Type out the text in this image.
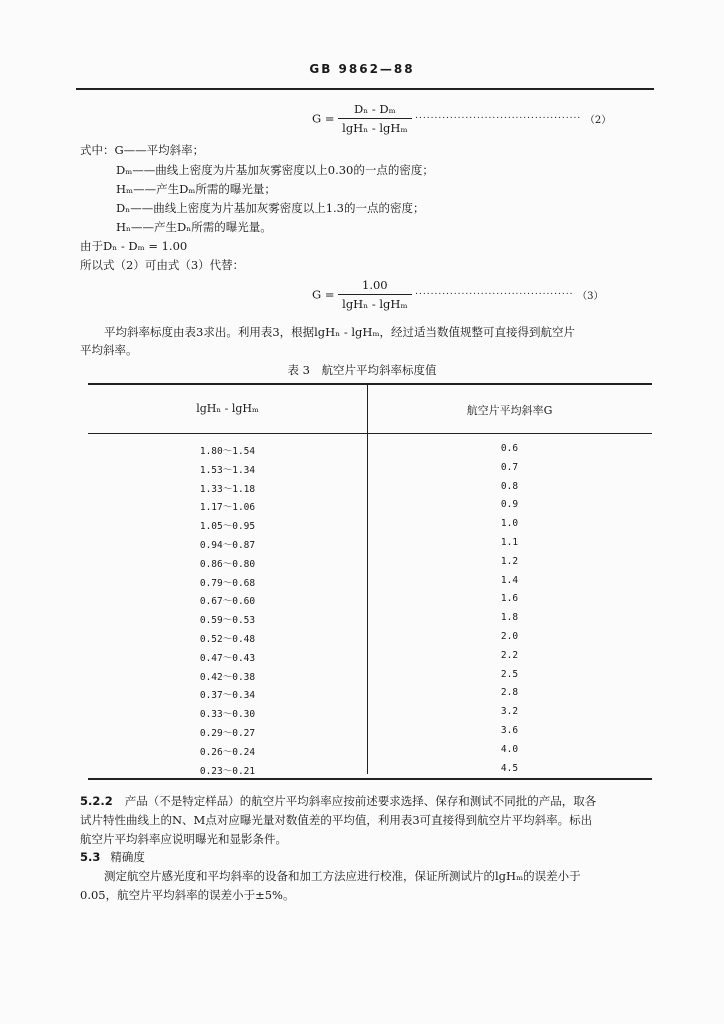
GB 9862—88
$G = \frac{\text{Dₙ - Dₘ}}{\text{lgHₙ - lgHₘ}}$ ··········································· （2）
式中：G——平均斜率；
Dₘ——曲线上密度为片基加灰雾密度以上0.30的一点的密度；
Hₘ——产生Dₘ所需的曝光量；
Dₙ——曲线上密度为片基加灰雾密度以上1.3的一点的密度；
Hₙ——产生Dₙ所需的曝光量。
由于Dₙ - Dₘ = 1.00
所以式（2）可由式（3）代替：
$G = \frac{1.00}{\text{lgHₙ - lgHₘ}}$ ········································· （3）
平均斜率标度由表3求出。利用表3，根据lgHₙ - lgHₘ，经过适当数值规整可直接得到航空片
平均斜率。
表 3　航空片平均斜率标度值
lgHₙ - lgHₘ	航空片平均斜率G
1.80～1.54	0.6
1.53～1.34	0.7
1.33～1.18	0.8
1.17～1.06	0.9
1.05～0.95	1.0
0.94～0.87	1.1
0.86～0.80	1.2
0.79～0.68	1.4
0.67～0.60	1.6
0.59～0.53	1.8
0.52～0.48	2.0
0.47～0.43	2.2
0.42～0.38	2.5
0.37～0.34	2.8
0.33～0.30	3.2
0.29～0.27	3.6
0.26～0.24	4.0
0.23～0.21	4.5
5.2.2 产品（不是特定样品）的航空片平均斜率应按前述要求选择、保存和测试不同批的产品，取各
试片特性曲线上的N、M点对应曝光量对数值差的平均值，利用表3可直接得到航空片平均斜率。标出
航空片平均斜率应说明曝光和显影条件。
5.3 精确度
测定航空片感光度和平均斜率的设备和加工方法应进行校准，保证所测试片的lgHₘ的误差小于
0.05，航空片平均斜率的误差小于±5%。
